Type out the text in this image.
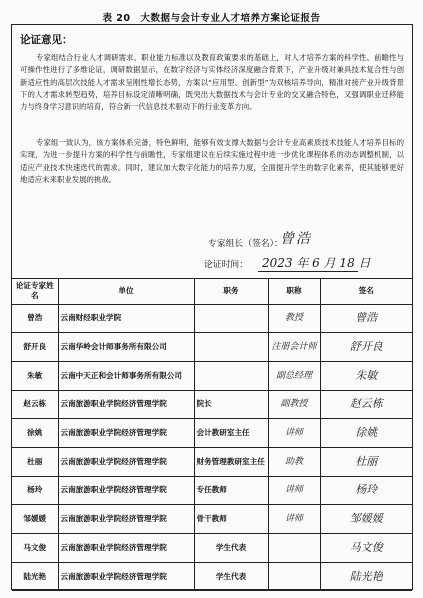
表 20　大数据与会计专业人才培养方案论证报告
论证意见：

专家组结合行业人才调研需求、职业能力标准以及教育政策要求的基础上，对人才培养方案的科学性、前瞻性与可操作性进行了多维论证，调研数据显示，在数字经济与实体经济深度融合背景下，产业升级对兼具技术复合性与创新适应性的高层次技能人才需求呈刚性增长态势，方案以“应用型、创新型”为双核培养导向，精准对接产业升级背景下的人才需求转型趋势，培养目标设定清晰明确，既突出大数据技术与会计专业的交叉融合特色，又强调职业迁移能力与终身学习意识的培育，符合新一代信息技术驱动下的行业变革方向。

专家组一致认为，该方案体系完备，特色鲜明，能够有效支撑大数据与会计专业高素质技术技能人才培养目标的实现，为进一步提升方案的科学性与前瞻性，专家组建议在后续实施过程中进一步优化课程体系的动态调整机制，以适应产业技术快速迭代的需求。同时，建议加大数字化能力的培养力度，全面提升学生的数字化素养，使其能够更好地适应未来职业发展的挑战。

专家组长（签名）：
曾浩
论证时间： 2023 年 6 月 18 日
论证专家姓名	单位	职务	职称	签名
曾浩	云南财经职业学院		教授	曾浩

舒开良	云南华岭会计师事务所有限公司		注册会计师	舒开良

朱敏	云南中天正和会计师事务所有限公司		副总经理	朱敏

赵云栋	云南旅游职业学院经济管理学院	院长	副教授	赵云栋

徐姚	云南旅游职业学院经济管理学院	会计教研室主任	讲师	徐姚

杜丽	云南旅游职业学院经济管理学院	财务管理教研室主任	助教	杜丽

杨玲	云南旅游职业学院经济管理学院	专任教师	讲师	杨玲

邹媛媛	云南旅游职业学院经济管理学院	骨干教师	讲师	邹媛媛

马文俊	云南旅游职业学院经济管理学院	学生代表		马文俊

陆光艳	云南旅游职业学院经济管理学院	学生代表		陆光艳
